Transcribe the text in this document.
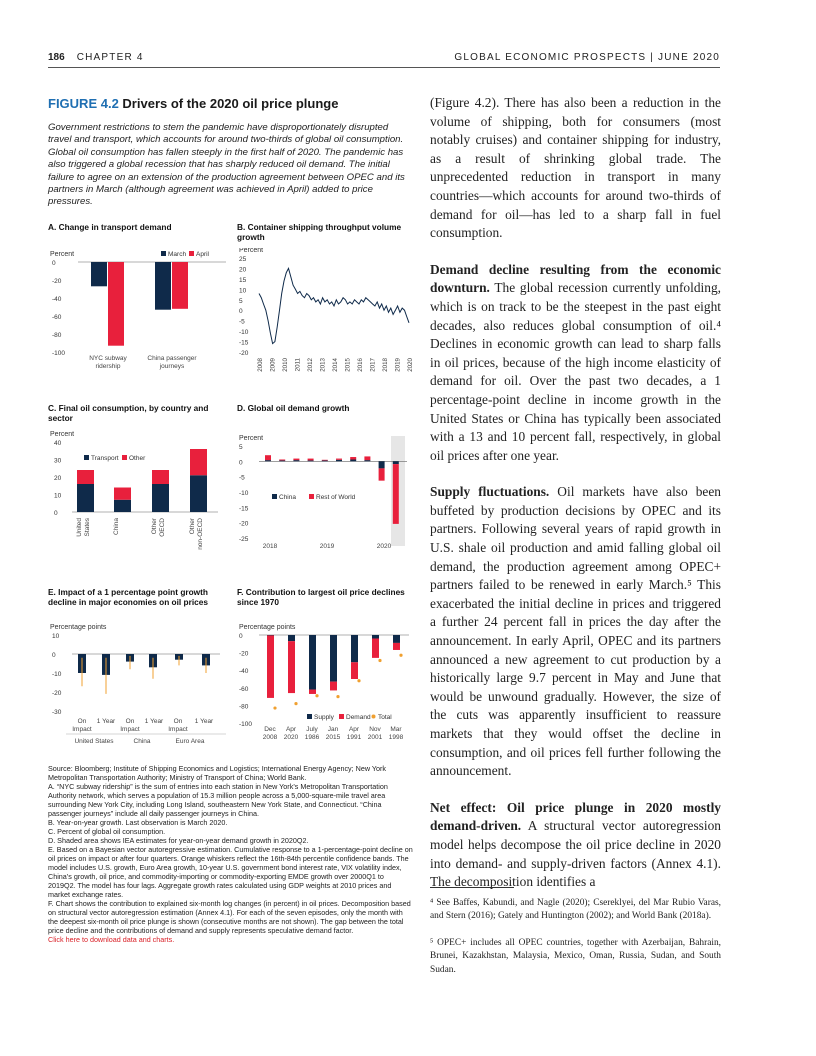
186 CHAPTER 4	GLOBAL ECONOMIC PROSPECTS | JUNE 2020
FIGURE 4.2 Drivers of the 2020 oil price plunge
Government restrictions to stem the pandemic have disproportionately disrupted travel and transport, which accounts for around two-thirds of global oil consumption. Global oil consumption has fallen steeply in the first half of 2020. The pandemic has also triggered a global recession that has sharply reduced oil demand. The initial failure to agree on an extension of the production agreement between OPEC and its partners in March (although agreement was achieved in April) added to price pressures.
A. Change in transport demand	B. Container shipping throughput volume growth
C. Final oil consumption, by country and sector
D. Global oil demand growth
E. Impact of a 1 percentage point growth decline in major economies on oil prices
F. Contribution to largest oil price declines since 1970
0
-20
-40
-60
-80
-100
Percent
NYC subway
ridership
China passenger
journeys
March April
25
20
15
10
5
0
-5
-10
-15
-20
Percent
2008 2009 2010 2011 2012 2013 2014 2015 2016 2017 2018 2019 2020
40
30
20
10
0
Percent
United States	China	Other OECD	Other non-OECD
Transport Other
5
0
-5
-10
-15
-20
-25
Percent
2018	2019	2020
China	Rest of World
10
0
-10
-20
-30
Percentage points
On
Impact
1 Year On
Impact
1 Year On
Impact
1 Year
United States	China	Euro Area
0
-20
-40
-60
-80
-100
Percentage points
Dec
2008
Apr
2020
July
1986
Jan
2015
Apr
1991
Nov
2001
Mar
1998
Supply Demand Total

Source: Bloomberg; Institute of Shipping Economics and Logistics; International Energy Agency; New York Metropolitan Transportation Authority; Ministry of Transport of China; World Bank.

A. “NYC subway ridership” is the sum of entries into each station in New York’s Metropolitan Transportation Authority network, which serves a population of 15.3 million people across a 5,000-square-mile travel area surrounding New York City, including Long Island, southeastern New York State, and Connecticut. “China passenger journeys” include all daily passenger journeys in China.

B. Year-on-year growth. Last observation is March 2020.

C. Percent of global oil consumption.

D. Shaded area shows IEA estimates for year-on-year demand growth in 2020Q2.

E. Based on a Bayesian vector autoregressive estimation. Cumulative response to a 1-percentage-point decline on oil prices on impact or after four quarters. Orange whiskers reflect the 16th-84th percentile confidence bands. The model includes U.S. growth, Euro Area growth, 10-year U.S. government bond interest rate, VIX volatility index, China’s growth, oil price, and commodity-importing or commodity-exporting EMDE growth over 2000Q1 to 2019Q2. The model has four lags. Aggregate growth rates calculated using GDP weights at 2010 prices and market exchange rates.

F. Chart shows the contribution to explained six-month log changes (in percent) in oil prices. Decomposition based on structural vector autoregression estimation (Annex 4.1). For each of the seven episodes, only the month with the deepest six-month oil price plunge is shown (consecutive months are not shown). The gap between the total price decline and the contributions of demand and supply represents speculative demand factor.

Click here to download data and charts.

(Figure 4.2). There has also been a reduction in the volume of shipping, both for consumers (most notably cruises) and container shipping for industry, as a result of shrinking global trade. The unprecedented reduction in transport in many countries—which accounts for around two-thirds of demand for oil—has led to a sharp fall in fuel consumption.

Demand decline resulting from the economic downturn. The global recession currently unfolding, which is on track to be the steepest in the past eight decades, also reduces global consumption of oil.⁴ Declines in economic growth can lead to sharp falls in oil prices, because of the high income elasticity of demand for oil. Over the past two decades, a 1 percentage-point decline in income growth in the United States or China has typically been associated with a 13 and 10 percent fall, respectively, in global oil prices after one year.

Supply fluctuations. Oil markets have also been buffeted by production decisions by OPEC and its partners. Following several years of rapid growth in U.S. shale oil production and amid falling global oil demand, the production agreement among OPEC+ partners failed to be renewed in early March.⁵ This exacerbated the initial decline in prices and triggered a further 24 percent fall in prices the day after the announcement. In early April, OPEC and its partners announced a new agreement to cut production by a historically large 9.7 percent in May and June that would be unwound gradually. However, the size of the cuts was apparently insufficient to reassure markets that they would offset the decline in consumption, and oil prices fell further following the announcement.

Net effect: Oil price plunge in 2020 mostly demand-driven. A structural vector autoregression model helps decompose the oil price decline in 2020 into demand- and supply-driven factors (Annex 4.1). The decomposition identifies a

⁴ See Baffes, Kabundi, and Nagle (2020); Csereklyei, del Mar Rubio Varas, and Stern (2016); Gately and Huntington (2002); and World Bank (2018a).
⁵ OPEC+ includes all OPEC countries, together with Azerbaijan, Bahrain, Brunei, Kazakhstan, Malaysia, Mexico, Oman, Russia, Sudan, and South Sudan.
